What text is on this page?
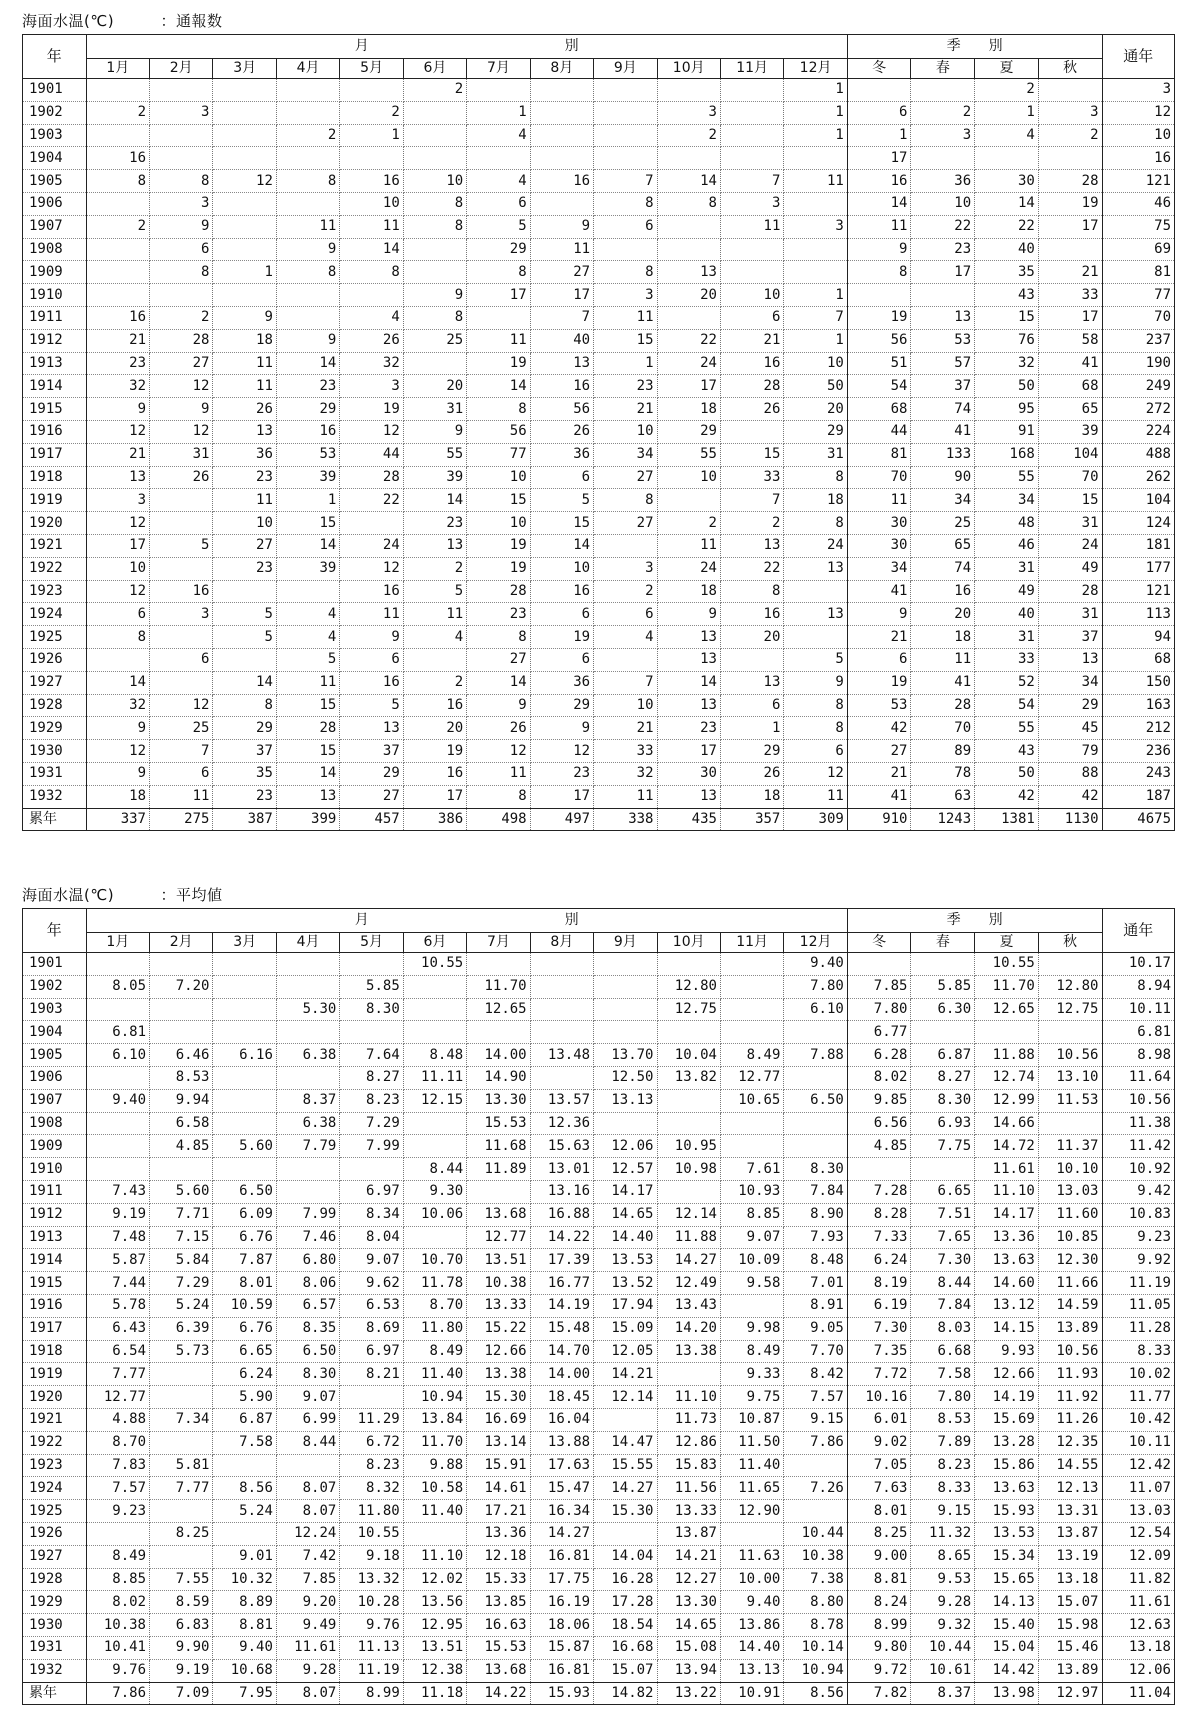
海面水温(℃)　　　：通報数
年	月　　　　　　　　　　　　　　別												季　　別				通年
	1月	2月	3月	4月	5月	6月	7月	8月	9月	10月	11月	12月	冬	春	夏	秋	
1901						2						1			2		3
1902	2	3			2		1			3		1	6	2	1	3	12
1903				2	1		4			2		1	1	3	4	2	10
1904	16												17				16
1905	8	8	12	8	16	10	4	16	7	14	7	11	16	36	30	28	121
1906		3			10	8	6		8	8	3		14	10	14	19	46
1907	2	9		11	11	8	5	9	6		11	3	11	22	22	17	75
1908		6		9	14		29	11					9	23	40		69
1909		8	1	8	8		8	27	8	13			8	17	35	21	81
1910						9	17	17	3	20	10	1			43	33	77
1911	16	2	9		4	8		7	11		6	7	19	13	15	17	70
1912	21	28	18	9	26	25	11	40	15	22	21	1	56	53	76	58	237
1913	23	27	11	14	32		19	13	1	24	16	10	51	57	32	41	190
1914	32	12	11	23	3	20	14	16	23	17	28	50	54	37	50	68	249
1915	9	9	26	29	19	31	8	56	21	18	26	20	68	74	95	65	272
1916	12	12	13	16	12	9	56	26	10	29		29	44	41	91	39	224
1917	21	31	36	53	44	55	77	36	34	55	15	31	81	133	168	104	488
1918	13	26	23	39	28	39	10	6	27	10	33	8	70	90	55	70	262
1919	3		11	1	22	14	15	5	8		7	18	11	34	34	15	104
1920	12		10	15		23	10	15	27	2	2	8	30	25	48	31	124
1921	17	5	27	14	24	13	19	14		11	13	24	30	65	46	24	181
1922	10		23	39	12	2	19	10	3	24	22	13	34	74	31	49	177
1923	12	16			16	5	28	16	2	18	8		41	16	49	28	121
1924	6	3	5	4	11	11	23	6	6	9	16	13	9	20	40	31	113
1925	8		5	4	9	4	8	19	4	13	20		21	18	31	37	94
1926		6		5	6		27	6		13		5	6	11	33	13	68
1927	14		14	11	16	2	14	36	7	14	13	9	19	41	52	34	150
1928	32	12	8	15	5	16	9	29	10	13	6	8	53	28	54	29	163
1929	9	25	29	28	13	20	26	9	21	23	1	8	42	70	55	45	212
1930	12	7	37	15	37	19	12	12	33	17	29	6	27	89	43	79	236
1931	9	6	35	14	29	16	11	23	32	30	26	12	21	78	50	88	243
1932	18	11	23	13	27	17	8	17	11	13	18	11	41	63	42	42	187
累年	337	275	387	399	457	386	498	497	338	435	357	309	910	1243	1381	1130	4675
海面水温(℃)　　　：平均値
年	月　　　　　　　　　　　　　　別												季　　別				通年
	1月	2月	3月	4月	5月	6月	7月	8月	9月	10月	11月	12月	冬	春	夏	秋	
1901						10.55						9.40			10.55		10.17
1902	8.05	7.20			5.85		11.70			12.80		7.80	7.85	5.85	11.70	12.80	8.94
1903				5.30	8.30		12.65			12.75		6.10	7.80	6.30	12.65	12.75	10.11
1904	6.81												6.77				6.81
1905	6.10	6.46	6.16	6.38	7.64	8.48	14.00	13.48	13.70	10.04	8.49	7.88	6.28	6.87	11.88	10.56	8.98
1906		8.53			8.27	11.11	14.90		12.50	13.82	12.77		8.02	8.27	12.74	13.10	11.64
1907	9.40	9.94		8.37	8.23	12.15	13.30	13.57	13.13		10.65	6.50	9.85	8.30	12.99	11.53	10.56
1908		6.58		6.38	7.29		15.53	12.36					6.56	6.93	14.66		11.38
1909		4.85	5.60	7.79	7.99		11.68	15.63	12.06	10.95			4.85	7.75	14.72	11.37	11.42
1910						8.44	11.89	13.01	12.57	10.98	7.61	8.30			11.61	10.10	10.92
1911	7.43	5.60	6.50		6.97	9.30		13.16	14.17		10.93	7.84	7.28	6.65	11.10	13.03	9.42
1912	9.19	7.71	6.09	7.99	8.34	10.06	13.68	16.88	14.65	12.14	8.85	8.90	8.28	7.51	14.17	11.60	10.83
1913	7.48	7.15	6.76	7.46	8.04		12.77	14.22	14.40	11.88	9.07	7.93	7.33	7.65	13.36	10.85	9.23
1914	5.87	5.84	7.87	6.80	9.07	10.70	13.51	17.39	13.53	14.27	10.09	8.48	6.24	7.30	13.63	12.30	9.92
1915	7.44	7.29	8.01	8.06	9.62	11.78	10.38	16.77	13.52	12.49	9.58	7.01	8.19	8.44	14.60	11.66	11.19
1916	5.78	5.24	10.59	6.57	6.53	8.70	13.33	14.19	17.94	13.43		8.91	6.19	7.84	13.12	14.59	11.05
1917	6.43	6.39	6.76	8.35	8.69	11.80	15.22	15.48	15.09	14.20	9.98	9.05	7.30	8.03	14.15	13.89	11.28
1918	6.54	5.73	6.65	6.50	6.97	8.49	12.66	14.70	12.05	13.38	8.49	7.70	7.35	6.68	9.93	10.56	8.33
1919	7.77		6.24	8.30	8.21	11.40	13.38	14.00	14.21		9.33	8.42	7.72	7.58	12.66	11.93	10.02
1920	12.77		5.90	9.07		10.94	15.30	18.45	12.14	11.10	9.75	7.57	10.16	7.80	14.19	11.92	11.77
1921	4.88	7.34	6.87	6.99	11.29	13.84	16.69	16.04		11.73	10.87	9.15	6.01	8.53	15.69	11.26	10.42
1922	8.70		7.58	8.44	6.72	11.70	13.14	13.88	14.47	12.86	11.50	7.86	9.02	7.89	13.28	12.35	10.11
1923	7.83	5.81			8.23	9.88	15.91	17.63	15.55	15.83	11.40		7.05	8.23	15.86	14.55	12.42
1924	7.57	7.77	8.56	8.07	8.32	10.58	14.61	15.47	14.27	11.56	11.65	7.26	7.63	8.33	13.63	12.13	11.07
1925	9.23		5.24	8.07	11.80	11.40	17.21	16.34	15.30	13.33	12.90		8.01	9.15	15.93	13.31	13.03
1926		8.25		12.24	10.55		13.36	14.27		13.87		10.44	8.25	11.32	13.53	13.87	12.54
1927	8.49		9.01	7.42	9.18	11.10	12.18	16.81	14.04	14.21	11.63	10.38	9.00	8.65	15.34	13.19	12.09
1928	8.85	7.55	10.32	7.85	13.32	12.02	15.33	17.75	16.28	12.27	10.00	7.38	8.81	9.53	15.65	13.18	11.82
1929	8.02	8.59	8.89	9.20	10.28	13.56	13.85	16.19	17.28	13.30	9.40	8.80	8.24	9.28	14.13	15.07	11.61
1930	10.38	6.83	8.81	9.49	9.76	12.95	16.63	18.06	18.54	14.65	13.86	8.78	8.99	9.32	15.40	15.98	12.63
1931	10.41	9.90	9.40	11.61	11.13	13.51	15.53	15.87	16.68	15.08	14.40	10.14	9.80	10.44	15.04	15.46	13.18
1932	9.76	9.19	10.68	9.28	11.19	12.38	13.68	16.81	15.07	13.94	13.13	10.94	9.72	10.61	14.42	13.89	12.06
累年	7.86	7.09	7.95	8.07	8.99	11.18	14.22	15.93	14.82	13.22	10.91	8.56	7.82	8.37	13.98	12.97	11.04
